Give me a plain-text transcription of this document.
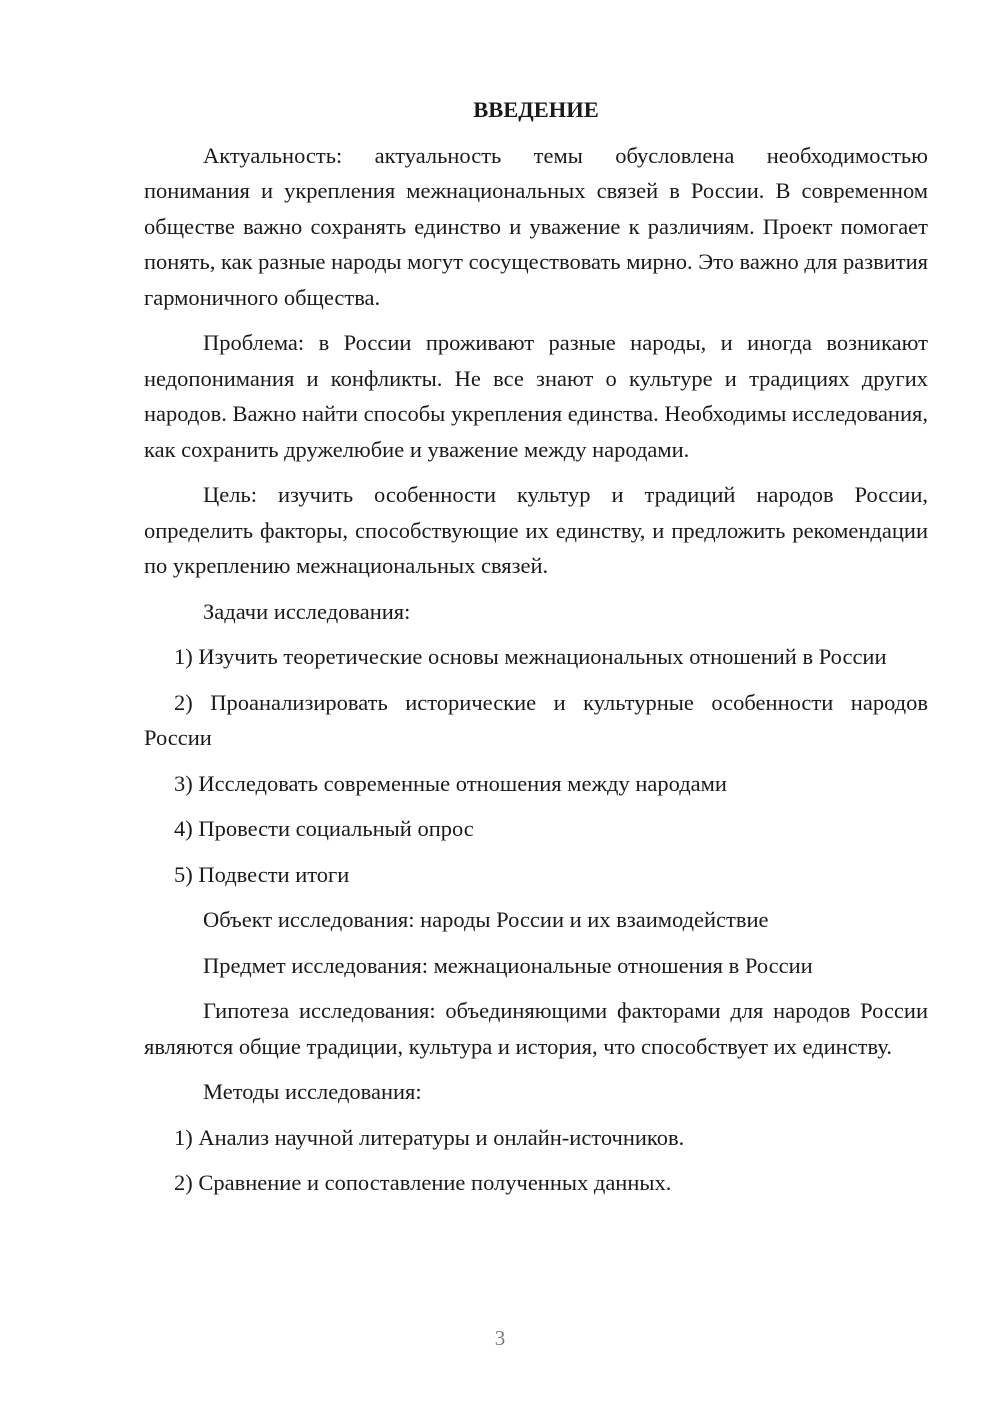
ВВЕДЕНИЕ

Актуальность: актуальность темы обусловлена необходимостью понимания и укрепления межнациональных связей в России. В современном обществе важно сохранять единство и уважение к различиям. Проект помогает понять, как разные народы могут сосуществовать мирно. Это важно для развития гармоничного общества.

Проблема: в России проживают разные народы, и иногда возникают недопонимания и конфликты. Не все знают о культуре и традициях других народов. Важно найти способы укрепления единства. Необходимы исследования, как сохранить дружелюбие и уважение между народами.

Цель: изучить особенности культур и традиций народов России, определить факторы, способствующие их единству, и предложить рекомендации по укреплению межнациональных связей.

Задачи исследования:

1) Изучить теоретические основы межнациональных отношений в России

2) Проанализировать исторические и культурные особенности народов России

3) Исследовать современные отношения между народами

4) Провести социальный опрос

5) Подвести итоги

Объект исследования: народы России и их взаимодействие

Предмет исследования: межнациональные отношения в России

Гипотеза исследования: объединяющими факторами для народов России являются общие традиции, культура и история, что способствует их единству.

Методы исследования:

1) Анализ научной литературы и онлайн-источников.

2) Сравнение и сопоставление полученных данных.

3
